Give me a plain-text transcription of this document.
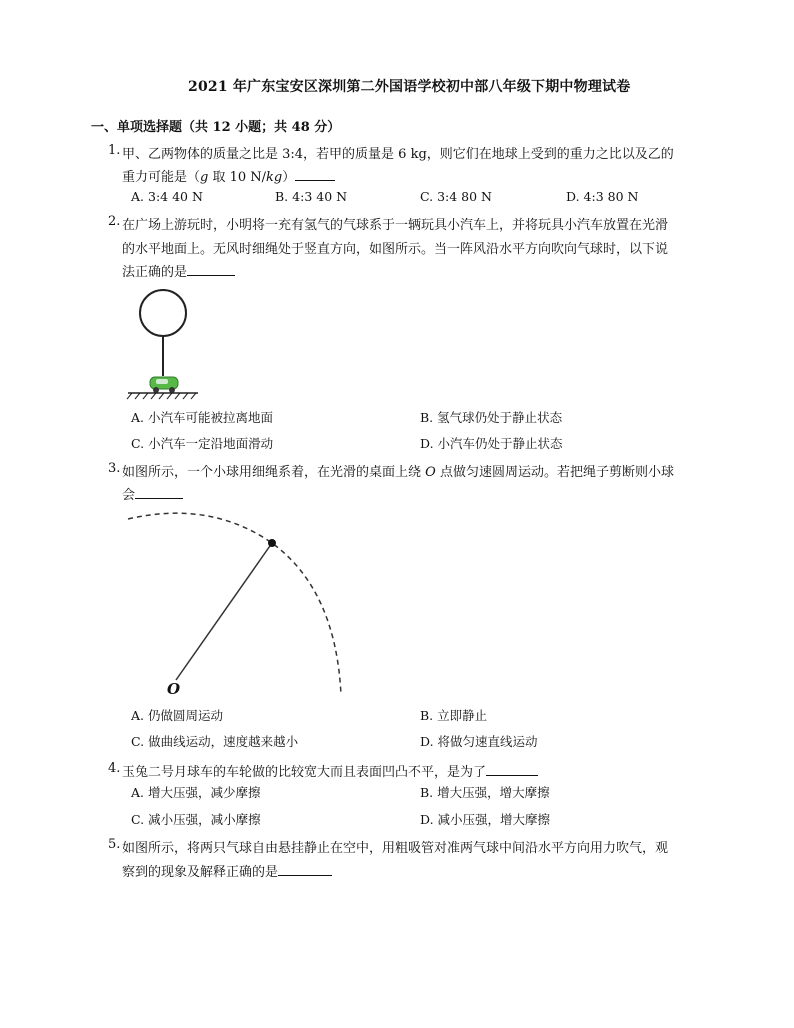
2021 年广东宝安区深圳第二外国语学校初中部八年级下期中物理试卷
一、单项选择题（共 12 小题；共 48 分）
1. 甲、乙两物体的质量之比是 3:4，若甲的质量是 6 kg，则它们在地球上受到的重力之比以及乙的
重力可能是（g 取 10 N/kg）
A. 3:4 40 N	B. 4:3 40 N	C. 3:4 80 N	D. 4:3 80 N
2. 在广场上游玩时，小明将一充有氢气的气球系于一辆玩具小汽车上，并将玩具小汽车放置在光滑
的水平地面上。无风时细绳处于竖直方向，如图所示。当一阵风沿水平方向吹向气球时，以下说
法正确的是
A. 小汽车可能被拉离地面	B. 氢气球仍处于静止状态
C. 小汽车一定沿地面滑动	D. 小汽车仍处于静止状态
3. 如图所示，一个小球用细绳系着，在光滑的桌面上绕 O 点做匀速圆周运动。若把绳子剪断则小球
会
O
A. 仍做圆周运动	B. 立即静止
C. 做曲线运动，速度越来越小	D. 将做匀速直线运动
4. 玉兔二号月球车的车轮做的比较宽大而且表面凹凸不平，是为了
A. 增大压强，减少摩擦	B. 增大压强，增大摩擦
C. 减小压强，减小摩擦	D. 减小压强，增大摩擦
5. 如图所示，将两只气球自由悬挂静止在空中，用粗吸管对准两气球中间沿水平方向用力吹气，观
察到的现象及解释正确的是
